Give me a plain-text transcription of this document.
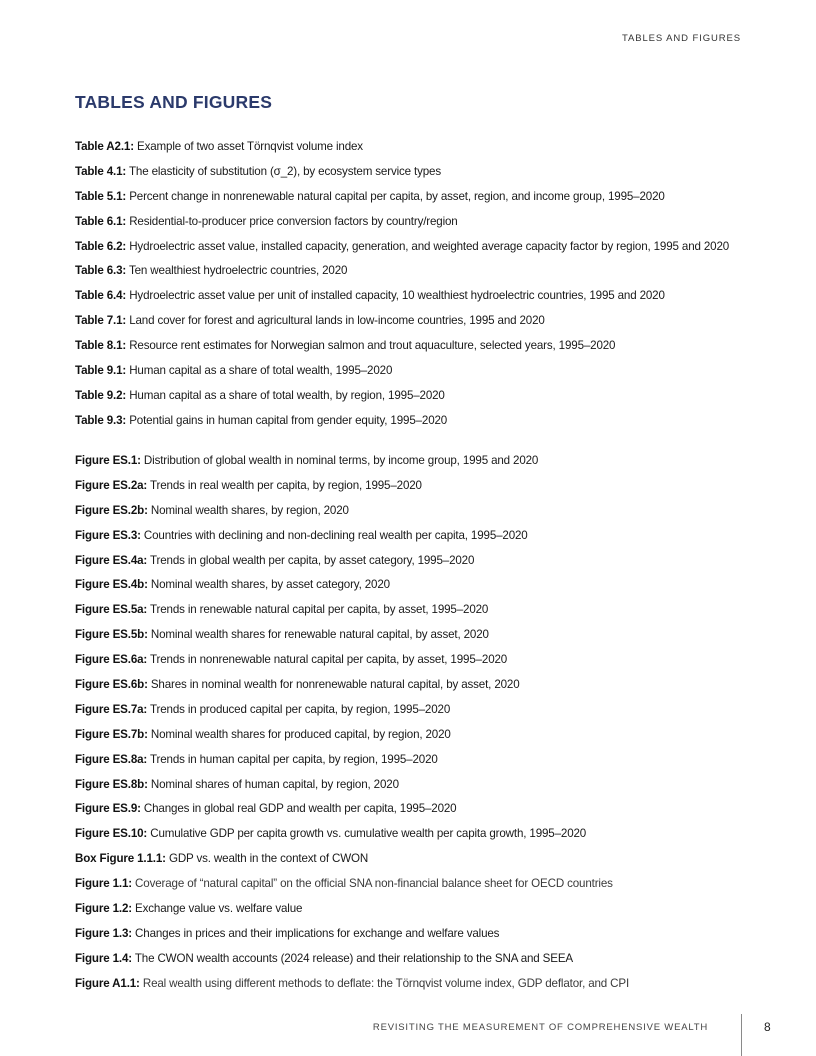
TABLES AND FIGURES
TABLES AND FIGURES
Table A2.1: Example of two asset Törnqvist volume index
Table 4.1: The elasticity of substitution (σ_2), by ecosystem service types
Table 5.1: Percent change in nonrenewable natural capital per capita, by asset, region, and income group, 1995–2020
Table 6.1: Residential-to-producer price conversion factors by country/region
Table 6.2: Hydroelectric asset value, installed capacity, generation, and weighted average capacity factor by region, 1995 and 2020
Table 6.3: Ten wealthiest hydroelectric countries, 2020
Table 6.4: Hydroelectric asset value per unit of installed capacity, 10 wealthiest hydroelectric countries, 1995 and 2020
Table 7.1: Land cover for forest and agricultural lands in low-income countries, 1995 and 2020
Table 8.1: Resource rent estimates for Norwegian salmon and trout aquaculture, selected years, 1995–2020
Table 9.1: Human capital as a share of total wealth, 1995–2020
Table 9.2: Human capital as a share of total wealth, by region, 1995–2020
Table 9.3: Potential gains in human capital from gender equity, 1995–2020
Figure ES.1: Distribution of global wealth in nominal terms, by income group, 1995 and 2020
Figure ES.2a: Trends in real wealth per capita, by region, 1995–2020
Figure ES.2b: Nominal wealth shares, by region, 2020
Figure ES.3: Countries with declining and non-declining real wealth per capita, 1995–2020
Figure ES.4a: Trends in global wealth per capita, by asset category, 1995–2020
Figure ES.4b: Nominal wealth shares, by asset category, 2020
Figure ES.5a: Trends in renewable natural capital per capita, by asset, 1995–2020
Figure ES.5b: Nominal wealth shares for renewable natural capital, by asset, 2020
Figure ES.6a: Trends in nonrenewable natural capital per capita, by asset, 1995–2020
Figure ES.6b: Shares in nominal wealth for nonrenewable natural capital, by asset, 2020
Figure ES.7a: Trends in produced capital per capita, by region, 1995–2020
Figure ES.7b: Nominal wealth shares for produced capital, by region, 2020
Figure ES.8a: Trends in human capital per capita, by region, 1995–2020
Figure ES.8b: Nominal shares of human capital, by region, 2020
Figure ES.9: Changes in global real GDP and wealth per capita, 1995–2020
Figure ES.10: Cumulative GDP per capita growth vs. cumulative wealth per capita growth, 1995–2020
Box Figure 1.1.1: GDP vs. wealth in the context of CWON
Figure 1.1: Coverage of “natural capital” on the official SNA non-financial balance sheet for OECD countries
Figure 1.2: Exchange value vs. welfare value
Figure 1.3: Changes in prices and their implications for exchange and welfare values
Figure 1.4: The CWON wealth accounts (2024 release) and their relationship to the SNA and SEEA
Figure A1.1: Real wealth using different methods to deflate: the Törnqvist volume index, GDP deflator, and CPI
REVISITING THE MEASUREMENT OF COMPREHENSIVE WEALTH	8
